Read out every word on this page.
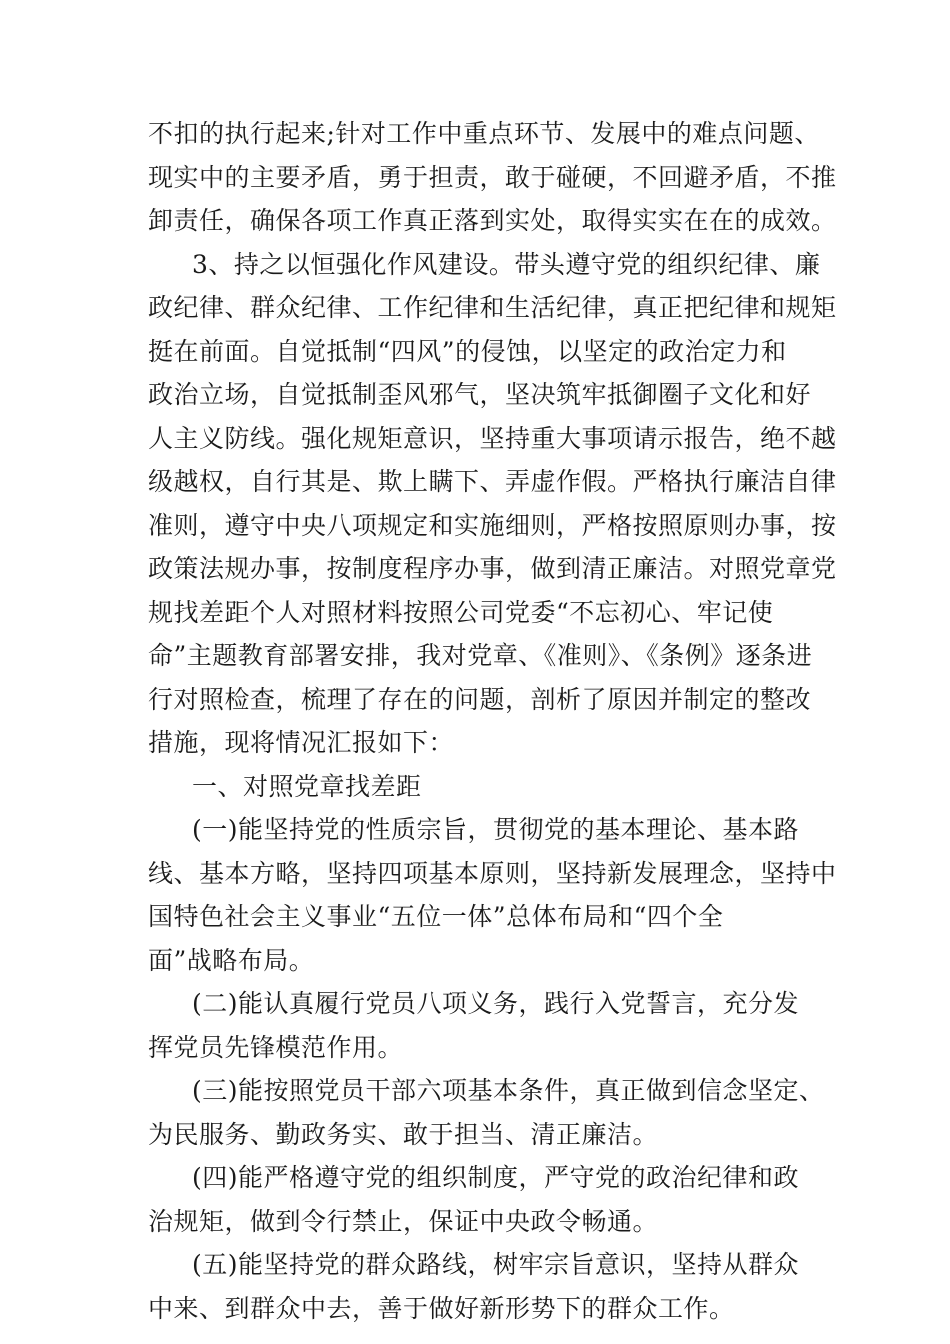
不扣的执行起来;针对工作中重点环节、发展中的难点问题、
现实中的主要矛盾，勇于担责，敢于碰硬，不回避矛盾，不推
卸责任，确保各项工作真正落到实处，取得实实在在的成效。
3、持之以恒强化作风建设。带头遵守党的组织纪律、廉
政纪律、群众纪律、工作纪律和生活纪律，真正把纪律和规矩
挺在前面。自觉抵制“四风”的侵蚀，以坚定的政治定力和
政治立场，自觉抵制歪风邪气，坚决筑牢抵御圈子文化和好
人主义防线。强化规矩意识，坚持重大事项请示报告，绝不越
级越权，自行其是、欺上瞒下、弄虚作假。严格执行廉洁自律
准则，遵守中央八项规定和实施细则，严格按照原则办事，按
政策法规办事，按制度程序办事，做到清正廉洁。对照党章党
规找差距个人对照材料按照公司党委“不忘初心、牢记使
命”主题教育部署安排，我对党章、《准则》、《条例》逐条进
行对照检查，梳理了存在的问题，剖析了原因并制定的整改
措施，现将情况汇报如下：
一、对照党章找差距
(一)能坚持党的性质宗旨，贯彻党的基本理论、基本路
线、基本方略，坚持四项基本原则，坚持新发展理念，坚持中
国特色社会主义事业“五位一体”总体布局和“四个全
面”战略布局。
(二)能认真履行党员八项义务，践行入党誓言，充分发
挥党员先锋模范作用。
(三)能按照党员干部六项基本条件，真正做到信念坚定、
为民服务、勤政务实、敢于担当、清正廉洁。
(四)能严格遵守党的组织制度，严守党的政治纪律和政
治规矩，做到令行禁止，保证中央政令畅通。
(五)能坚持党的群众路线，树牢宗旨意识，坚持从群众
中来、到群众中去，善于做好新形势下的群众工作。
